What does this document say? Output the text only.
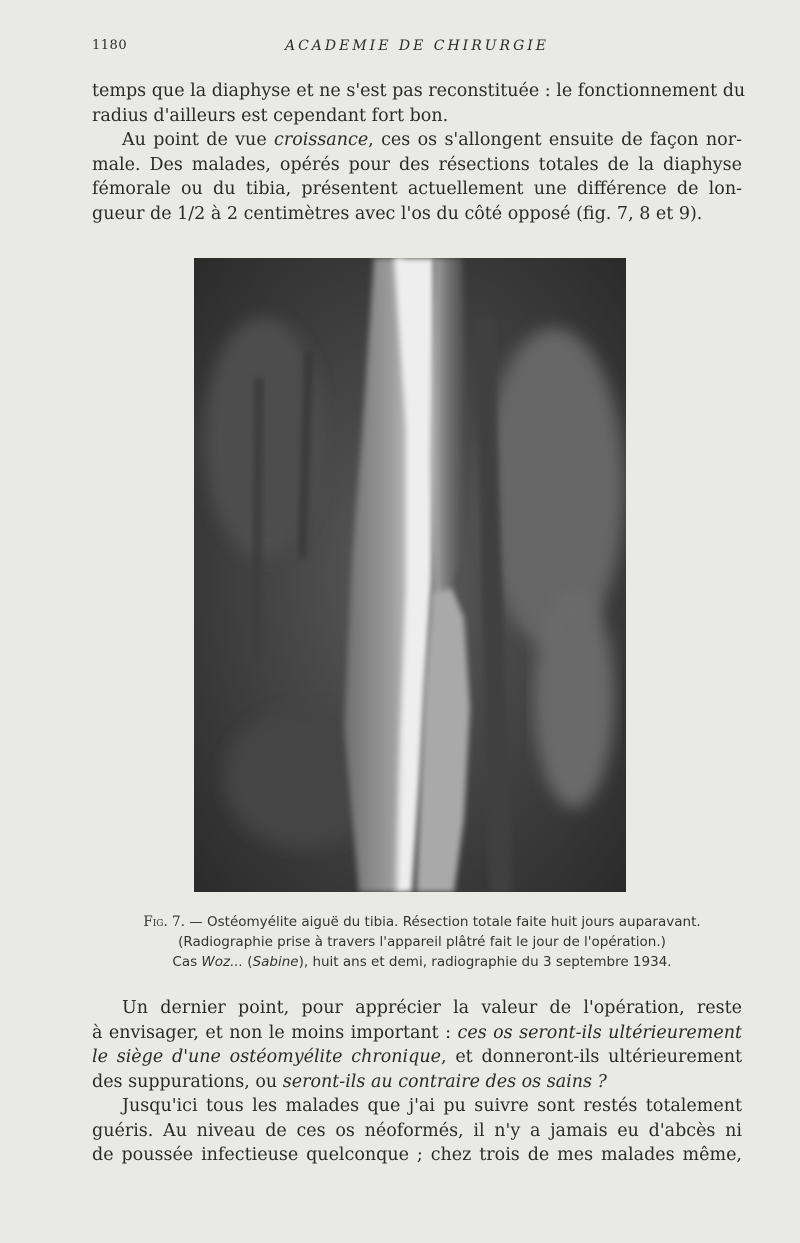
1180	ACADEMIE DE CHIRURGIE
temps que la diaphyse et ne s'est pas reconstituée : le fonctionnement du
radius d'ailleurs est cependant fort bon.
Au point de vue croissance, ces os s'allongent ensuite de façon nor-
male. Des malades, opérés pour des résections totales de la diaphyse
fémorale ou du tibia, présentent actuellement une différence de lon-
gueur de 1/2 à 2 centimètres avec l'os du côté opposé (fig. 7, 8 et 9).
Fig. 7. — Ostéomyélite aiguë du tibia. Résection totale faite huit jours auparavant.
(Radiographie prise à travers l'appareil plâtré fait le jour de l'opération.)
Cas Woz... (Sabine), huit ans et demi, radiographie du 3 septembre 1934.
Un dernier point, pour apprécier la valeur de l'opération, reste
à envisager, et non le moins important : ces os seront-ils ultérieurement
le siège d'une ostéomyélite chronique, et donneront-ils ultérieurement
des suppurations, ou seront-ils au contraire des os sains ?
Jusqu'ici tous les malades que j'ai pu suivre sont restés totalement
guéris. Au niveau de ces os néoformés, il n'y a jamais eu d'abcès ni
de poussée infectieuse quelconque ; chez trois de mes malades même,
